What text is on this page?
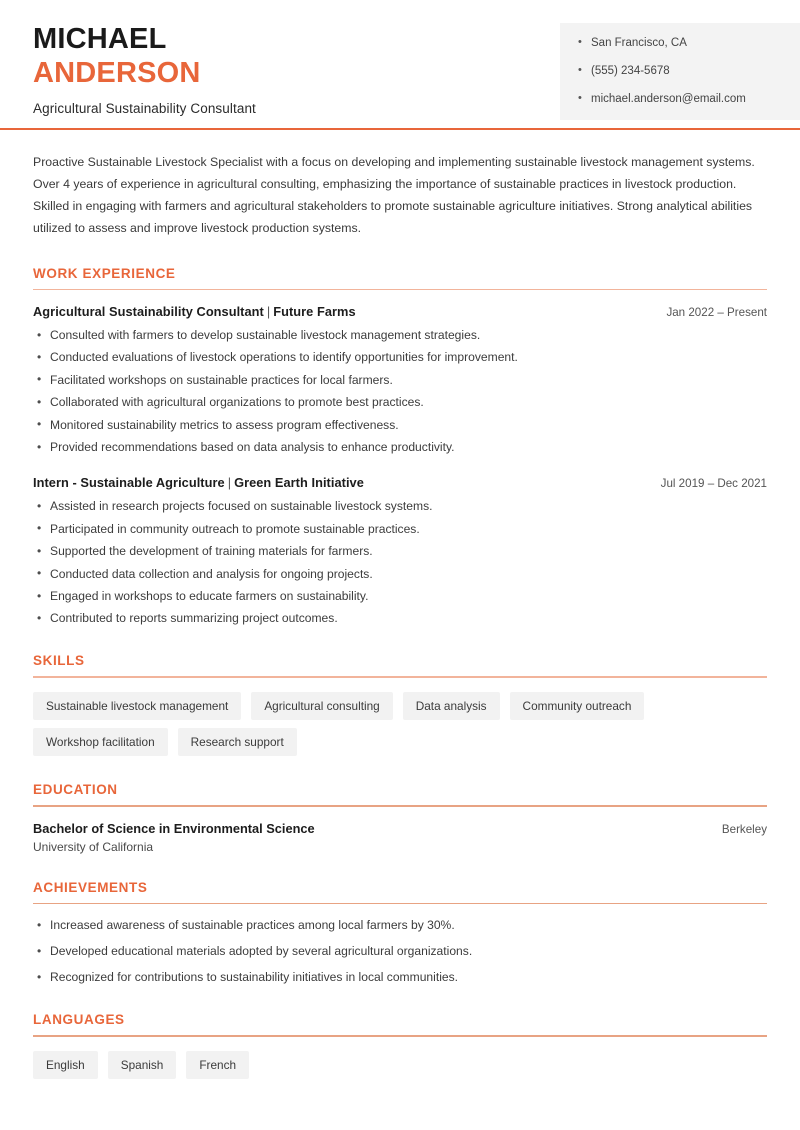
MICHAEL
ANDERSON
Agricultural Sustainability Consultant
• San Francisco, CA
• (555) 234-5678
• michael.anderson@email.com

Proactive Sustainable Livestock Specialist with a focus on developing and implementing sustainable livestock management systems. Over 4 years of experience in agricultural consulting, emphasizing the importance of sustainable practices in livestock production. Skilled in engaging with farmers and agricultural stakeholders to promote sustainable agriculture initiatives. Strong analytical abilities utilized to assess and improve livestock production systems.

WORK EXPERIENCE
Agricultural Sustainability Consultant | Future Farms	Jan 2022 – Present
• Consulted with farmers to develop sustainable livestock management strategies.
• Conducted evaluations of livestock operations to identify opportunities for improvement.
• Facilitated workshops on sustainable practices for local farmers.
• Collaborated with agricultural organizations to promote best practices.
• Monitored sustainability metrics to assess program effectiveness.
• Provided recommendations based on data analysis to enhance productivity.
Intern - Sustainable Agriculture | Green Earth Initiative	Jul 2019 – Dec 2021
• Assisted in research projects focused on sustainable livestock systems.
• Participated in community outreach to promote sustainable practices.
• Supported the development of training materials for farmers.
• Conducted data collection and analysis for ongoing projects.
• Engaged in workshops to educate farmers on sustainability.
• Contributed to reports summarizing project outcomes.
SKILLS
Sustainable livestock management	Agricultural consulting	Data analysis	Community outreach
Workshop facilitation	Research support
EDUCATION
Bachelor of Science in Environmental Science	Berkeley
University of California
ACHIEVEMENTS
• Increased awareness of sustainable practices among local farmers by 30%.
• Developed educational materials adopted by several agricultural organizations.
• Recognized for contributions to sustainability initiatives in local communities.
LANGUAGES
English	Spanish	French
